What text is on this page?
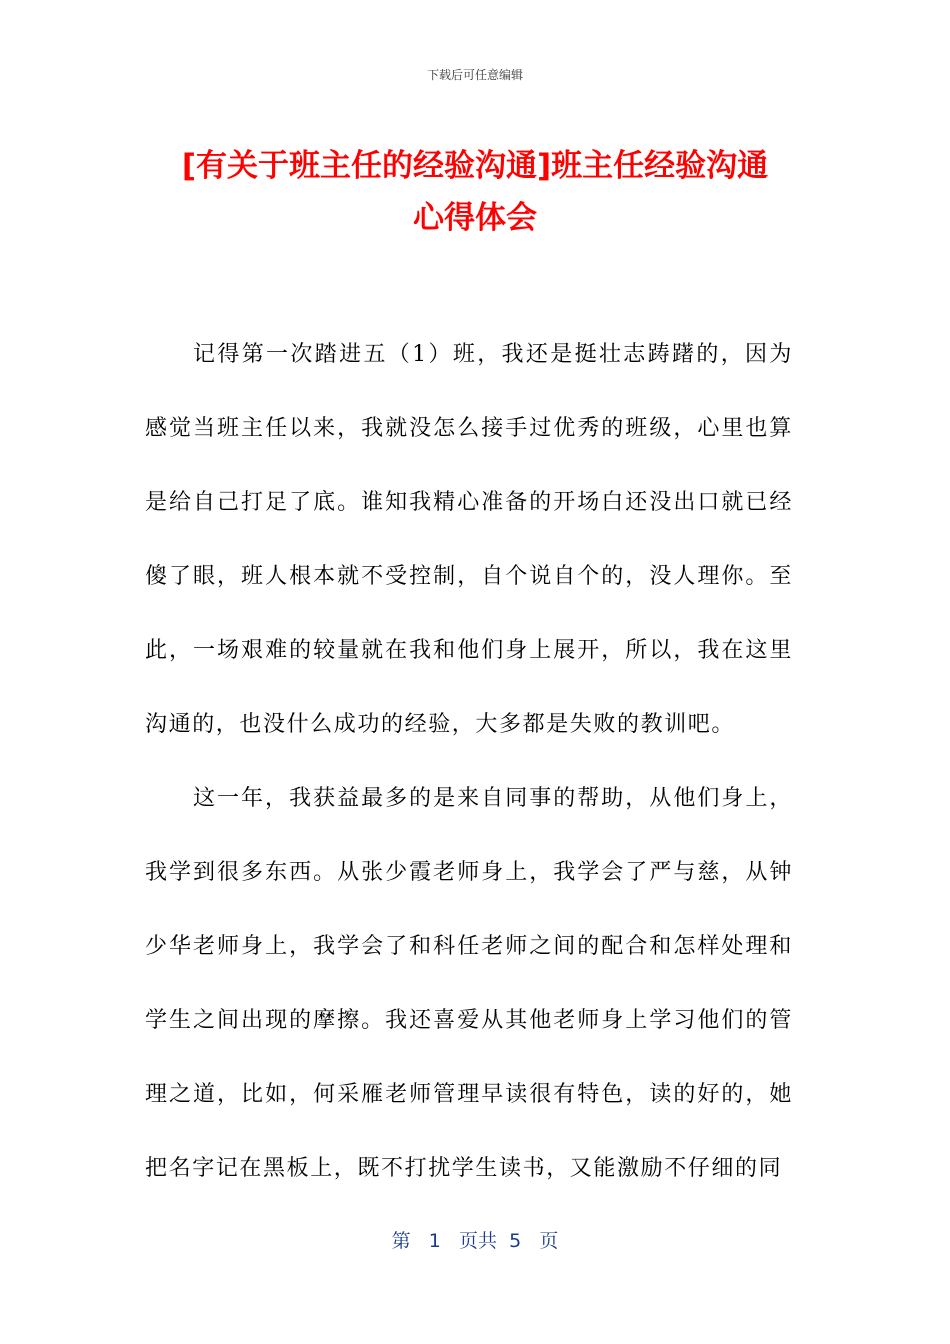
下载后可任意编辑
[有关于班主任的经验沟通]班主任经验沟通
心得体会

记得第一次踏进五（1）班，我还是挺壮志踌躇的，因为感觉当班主任以来，我就没怎么接手过优秀的班级，心里也算是给自己打足了底。谁知我精心准备的开场白还没出口就已经傻了眼，班人根本就不受控制，自个说自个的，没人理你。至此，一场艰难的较量就在我和他们身上展开，所以，我在这里沟通的，也没什么成功的经验，大多都是失败的教训吧。

这一年，我获益最多的是来自同事的帮助，从他们身上，我学到很多东西。从张少霞老师身上，我学会了严与慈，从钟少华老师身上，我学会了和科任老师之间的配合和怎样处理和学生之间出现的摩擦。我还喜爱从其他老师身上学习他们的管理之道，比如，何采雁老师管理早读很有特色，读的好的，她把名字记在黑板上，既不打扰学生读书，又能激励不仔细的同

第 1 页共 5 页
